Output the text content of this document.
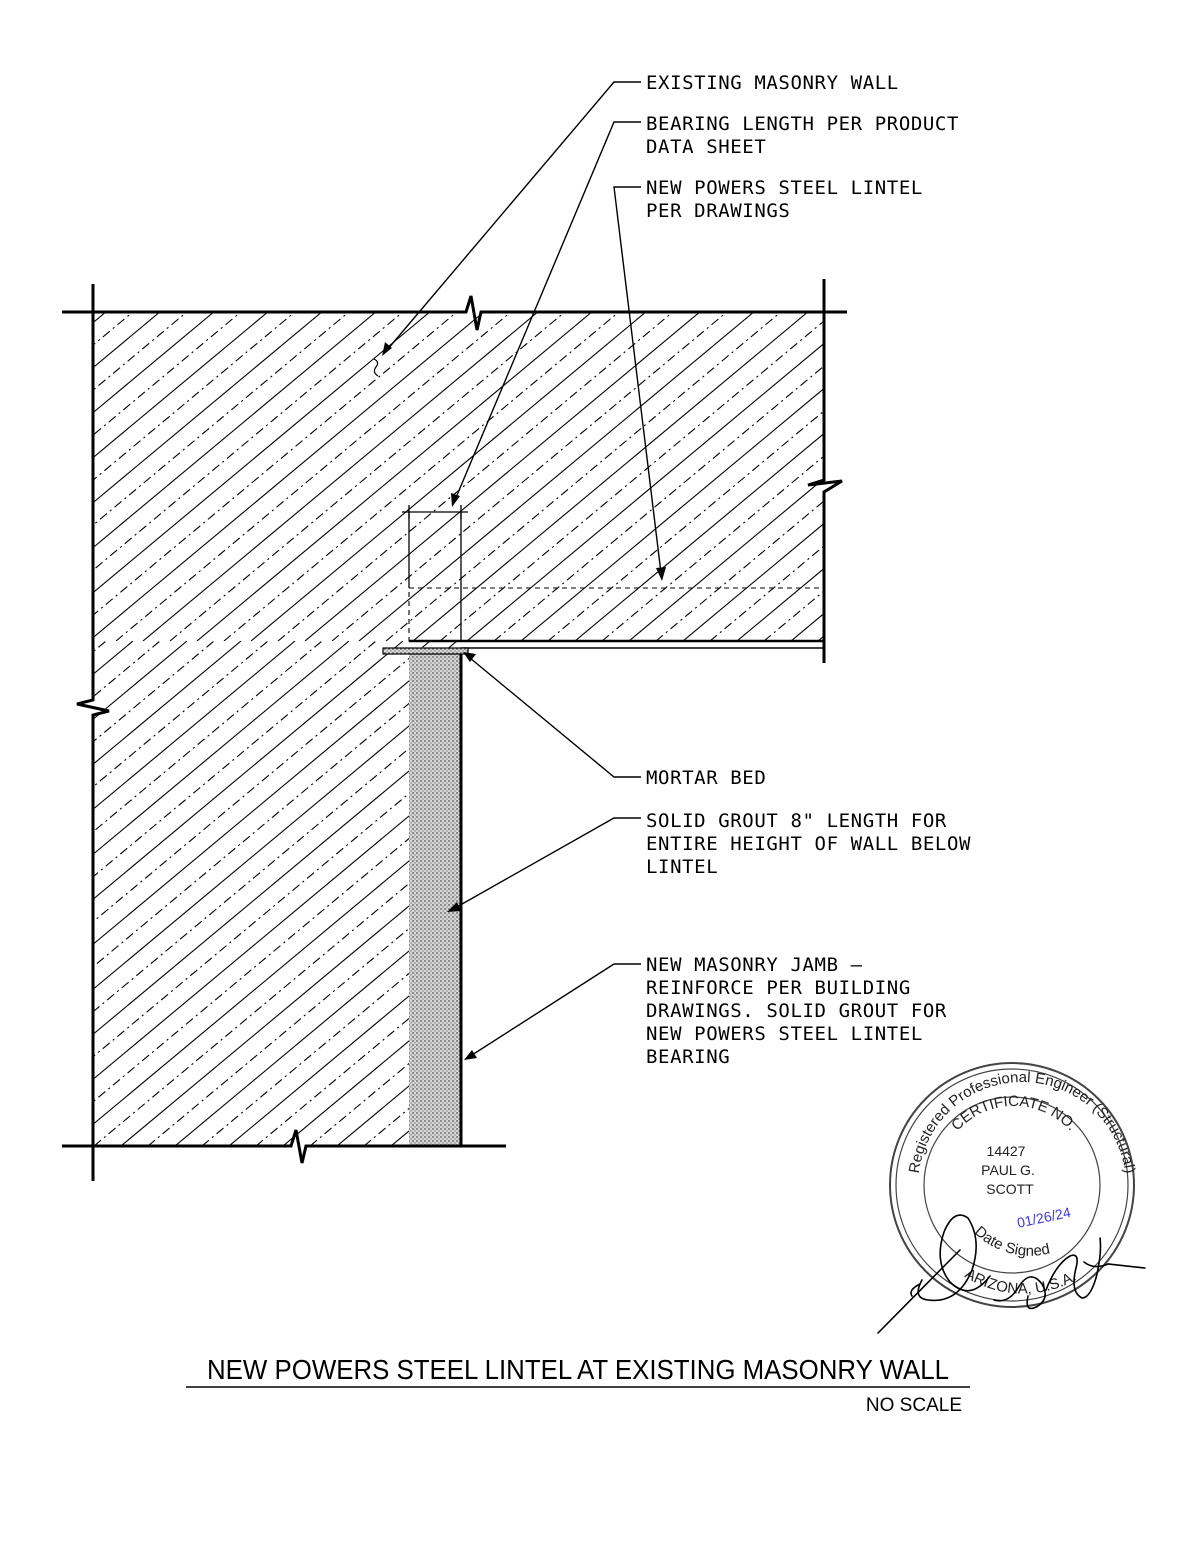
EXISTING MASONRY WALL
BEARING LENGTH PER PRODUCT
DATA SHEET
NEW POWERS STEEL LINTEL
PER DRAWINGS
MORTAR BED
SOLID GROUT 8" LENGTH FOR
ENTIRE HEIGHT OF WALL BELOW
LINTEL
NEW MASONRY JAMB —
REINFORCE PER BUILDING
DRAWINGS. SOLID GROUT FOR
NEW POWERS STEEL LINTEL
BEARING
Registered Professional Engineer (Structural)
CERTIFICATE NO.
14427
PAUL G.
SCOTT
Date Signed
01/26/24
ARIZONA, U.S.A.
NEW POWERS STEEL LINTEL AT EXISTING MASONRY WALL
NO SCALE
